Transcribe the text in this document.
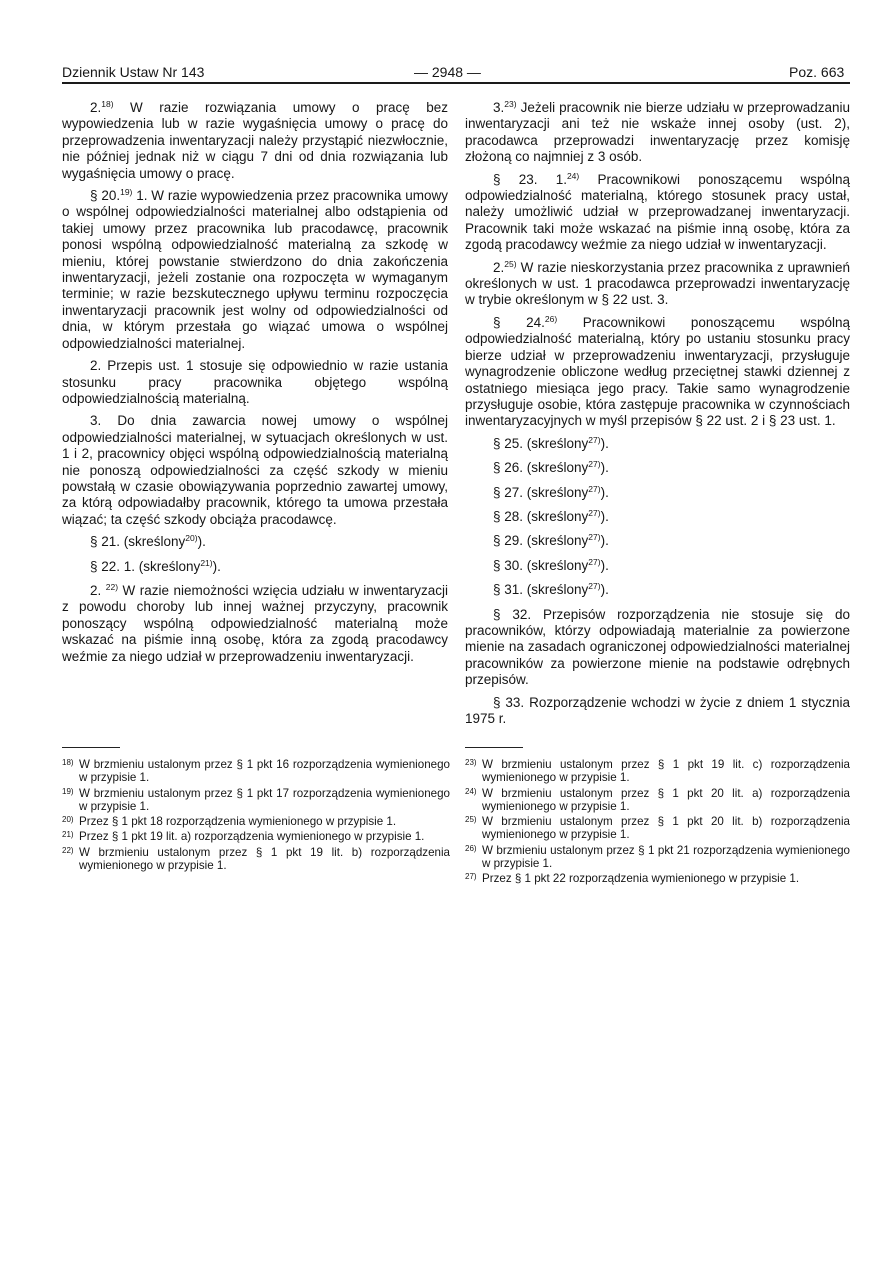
Dziennik Ustaw Nr 143	— 2948 —	Poz. 663

2.$^{18)}$ W razie rozwiązania umowy o pracę bez wypowiedzenia lub w razie wygaśnięcia umowy o pracę do przeprowadzenia inwentaryzacji należy przystąpić niezwłocznie, nie później jednak niż w ciągu 7 dni od dnia rozwiązania lub wygaśnięcia umowy o pracę.

§ 20.$^{19)}$ 1. W razie wypowiedzenia przez pracownika umowy o wspólnej odpowiedzialności materialnej albo odstąpienia od takiej umowy przez pracownika lub pracodawcę, pracownik ponosi wspólną odpowiedzialność materialną za szkodę w mieniu, której powstanie stwierdzono do dnia zakończenia inwentaryzacji, jeżeli zostanie ona rozpoczęta w wymaganym terminie; w razie bezskutecznego upływu terminu rozpoczęcia inwentaryzacji pracownik jest wolny od odpowiedzialności od dnia, w którym przestała go wiązać umowa o wspólnej odpowiedzialności materialnej.

2. Przepis ust. 1 stosuje się odpowiednio w razie ustania stosunku pracy pracownika objętego wspólną odpowiedzialnością materialną.

3. Do dnia zawarcia nowej umowy o wspólnej odpowiedzialności materialnej, w sytuacjach określonych w ust. 1 i 2, pracownicy objęci wspólną odpowiedzialnością materialną nie ponoszą odpowiedzialności za część szkody w mieniu powstałą w czasie obowiązywania poprzednio zawartej umowy, za którą odpowiadałby pracownik, którego ta umowa przestała wiązać; ta część szkody obciąża pracodawcę.

§ 21. (skreślony$^{20)}$).

§ 22. 1. (skreślony$^{21)}$).

2. $^{22)}$ W razie niemożności wzięcia udziału w inwentaryzacji z powodu choroby lub innej ważnej przyczyny, pracownik ponoszący wspólną odpowiedzialność materialną może wskazać na piśmie inną osobę, która za zgodą pracodawcy weźmie za niego udział w przeprowadzeniu inwentaryzacji.

3.$^{23)}$ Jeżeli pracownik nie bierze udziału w przeprowadzaniu inwentaryzacji ani też nie wskaże innej osoby (ust. 2), pracodawca przeprowadzi inwentaryzację przez komisję złożoną co najmniej z 3 osób.

§ 23. 1.$^{24)}$ Pracownikowi ponoszącemu wspólną odpowiedzialność materialną, którego stosunek pracy ustał, należy umożliwić udział w przeprowadzanej inwentaryzacji. Pracownik taki może wskazać na piśmie inną osobę, która za zgodą pracodawcy weźmie za niego udział w inwentaryzacji.

2.$^{25)}$ W razie nieskorzystania przez pracownika z uprawnień określonych w ust. 1 pracodawca przeprowadzi inwentaryzację w trybie określonym w § 22 ust. 3.

§ 24.$^{26)}$ Pracownikowi ponoszącemu wspólną odpowiedzialność materialną, który po ustaniu stosunku pracy bierze udział w przeprowadzeniu inwentaryzacji, przysługuje wynagrodzenie obliczone według przeciętnej stawki dziennej z ostatniego miesiąca jego pracy. Takie samo wynagrodzenie przysługuje osobie, która zastępuje pracownika w czynnościach inwentaryzacyjnych w myśl przepisów § 22 ust. 2 i § 23 ust. 1.

§ 25. (skreślony$^{27)}$).

§ 26. (skreślony$^{27)}$).

§ 27. (skreślony$^{27)}$).

§ 28. (skreślony$^{27)}$).

§ 29. (skreślony$^{27)}$).

§ 30. (skreślony$^{27)}$).

§ 31. (skreślony$^{27)}$).

§ 32. Przepisów rozporządzenia nie stosuje się do pracowników, którzy odpowiadają materialnie za powierzone mienie na zasadach ograniczonej odpowiedzialności materialnej pracowników za powierzone mienie na podstawie odrębnych przepisów.

§ 33. Rozporządzenie wchodzi w życie z dniem 1 stycznia 1975 r.

18) W brzmieniu ustalonym przez § 1 pkt 16 rozporządzenia wymienionego w przypisie 1.
19) W brzmieniu ustalonym przez § 1 pkt 17 rozporządzenia wymienionego w przypisie 1.
20) Przez § 1 pkt 18 rozporządzenia wymienionego w przypisie 1.
21) Przez § 1 pkt 19 lit. a) rozporządzenia wymienionego w przypisie 1.
22) W brzmieniu ustalonym przez § 1 pkt 19 lit. b) rozporządzenia wymienionego w przypisie 1.
23) W brzmieniu ustalonym przez § 1 pkt 19 lit. c) rozporządzenia wymienionego w przypisie 1.
24) W brzmieniu ustalonym przez § 1 pkt 20 lit. a) rozporządzenia wymienionego w przypisie 1.
25) W brzmieniu ustalonym przez § 1 pkt 20 lit. b) rozporządzenia wymienionego w przypisie 1.
26) W brzmieniu ustalonym przez § 1 pkt 21 rozporządzenia wymienionego w przypisie 1.
27) Przez § 1 pkt 22 rozporządzenia wymienionego w przypisie 1.
